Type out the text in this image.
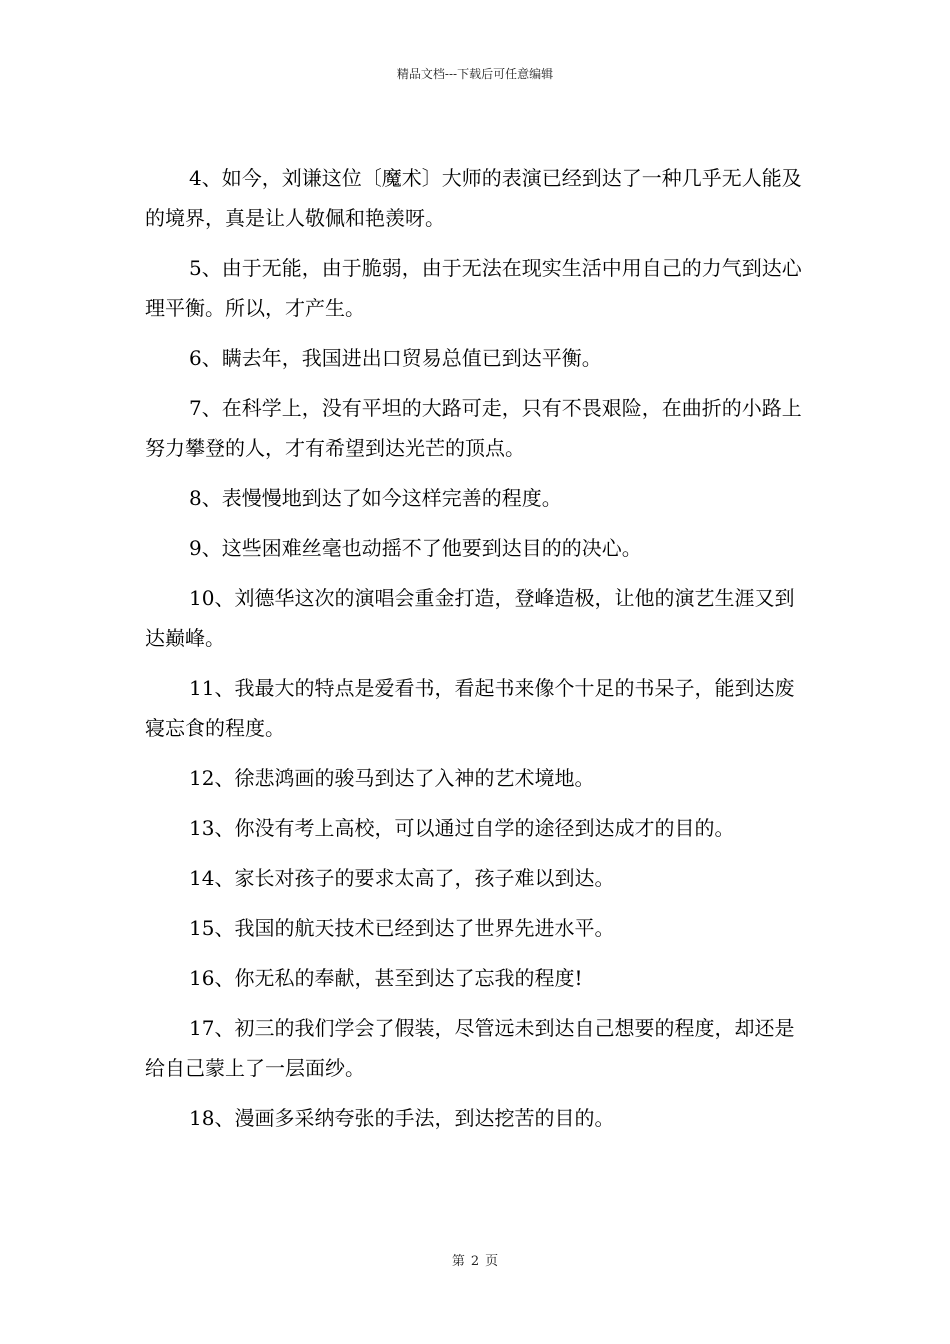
精品文档---下载后可任意编辑

4、如今，刘谦这位〔魔术〕大师的表演已经到达了一种几乎无人能及的境界，真是让人敬佩和艳羡呀。

5、由于无能，由于脆弱，由于无法在现实生活中用自己的力气到达心理平衡。所以，才产生。

6、瞒去年，我国进出口贸易总值已到达平衡。

7、在科学上，没有平坦的大路可走，只有不畏艰险，在曲折的小路上努力攀登的人，才有希望到达光芒的顶点。

8、表慢慢地到达了如今这样完善的程度。

9、这些困难丝毫也动摇不了他要到达目的的决心。

10、刘德华这次的演唱会重金打造，登峰造极，让他的演艺生涯又到达巅峰。

11、我最大的特点是爱看书，看起书来像个十足的书呆子，能到达废寝忘食的程度。

12、徐悲鸿画的骏马到达了入神的艺术境地。

13、你没有考上高校，可以通过自学的途径到达成才的目的。

14、家长对孩子的要求太高了，孩子难以到达。

15、我国的航天技术已经到达了世界先进水平。

16、你无私的奉献，甚至到达了忘我的程度!

17、初三的我们学会了假装，尽管远未到达自己想要的程度，却还是给自己蒙上了一层面纱。

18、漫画多采纳夸张的手法，到达挖苦的目的。

第 2 页
